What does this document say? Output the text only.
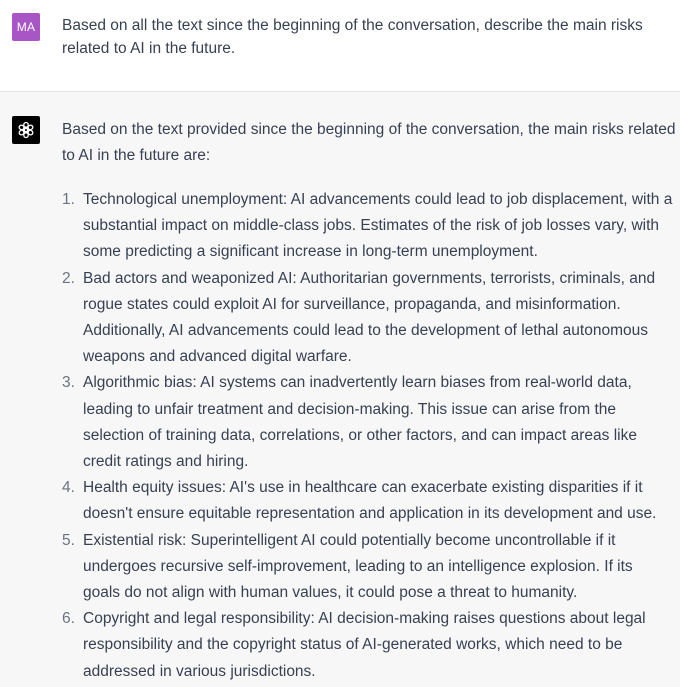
MA	Based on all the text since the beginning of the conversation, describe the main risks related to AI in the future.

Based on the text provided since the beginning of the conversation, the main risks related to AI in the future are:

1. Technological unemployment: AI advancements could lead to job displacement, with a substantial impact on middle-class jobs. Estimates of the risk of job losses vary, with some predicting a significant increase in long-term unemployment.
2. Bad actors and weaponized AI: Authoritarian governments, terrorists, criminals, and rogue states could exploit AI for surveillance, propaganda, and misinformation. Additionally, AI advancements could lead to the development of lethal autonomous weapons and advanced digital warfare.
3. Algorithmic bias: AI systems can inadvertently learn biases from real-world data, leading to unfair treatment and decision-making. This issue can arise from the selection of training data, correlations, or other factors, and can impact areas like credit ratings and hiring.
4. Health equity issues: AI's use in healthcare can exacerbate existing disparities if it doesn't ensure equitable representation and application in its development and use.
5. Existential risk: Superintelligent AI could potentially become uncontrollable if it undergoes recursive self-improvement, leading to an intelligence explosion. If its goals do not align with human values, it could pose a threat to humanity.
6. Copyright and legal responsibility: AI decision-making raises questions about legal responsibility and the copyright status of AI-generated works, which need to be addressed in various jurisdictions.
